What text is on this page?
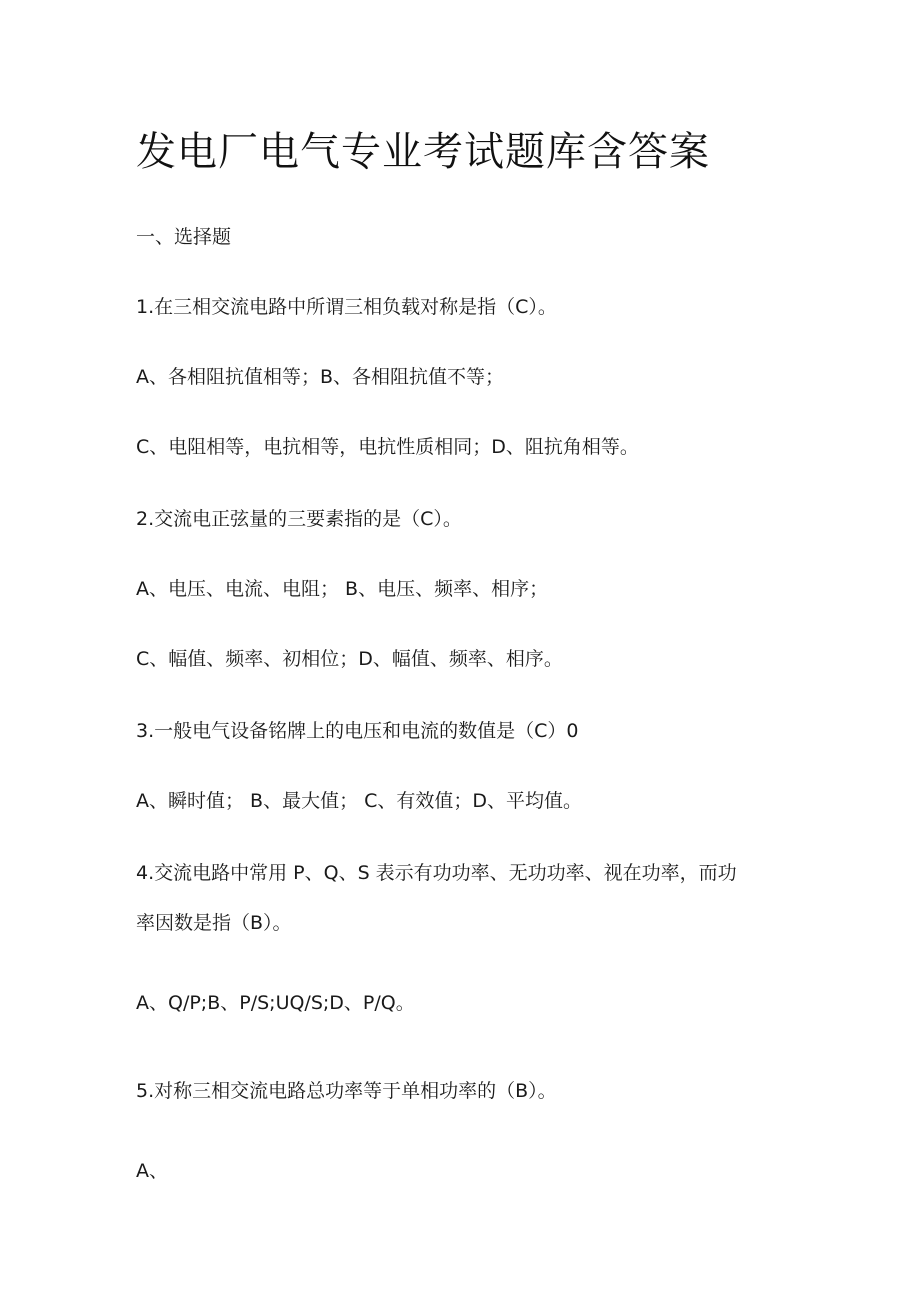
发电厂电气专业考试题库含答案

一、选择题

1.在三相交流电路中所谓三相负载对称是指（C）。

A、各相阻抗值相等；B、各相阻抗值不等；

C、电阻相等，电抗相等，电抗性质相同；D、阻抗角相等。

2.交流电正弦量的三要素指的是（C）。

A、电压、电流、电阻； B、电压、频率、相序；

C、幅值、频率、初相位；D、幅值、频率、相序。

3.一般电气设备铭牌上的电压和电流的数值是（C）0

A、瞬时值； B、最大值； C、有效值；D、平均值。

4.交流电路中常用 P、Q、S 表示有功功率、无功功率、视在功率，而功

率因数是指（B）。

A、Q/P;B、P/S;UQ/S;D、P/Q。

5.对称三相交流电路总功率等于单相功率的（B）。

A、
